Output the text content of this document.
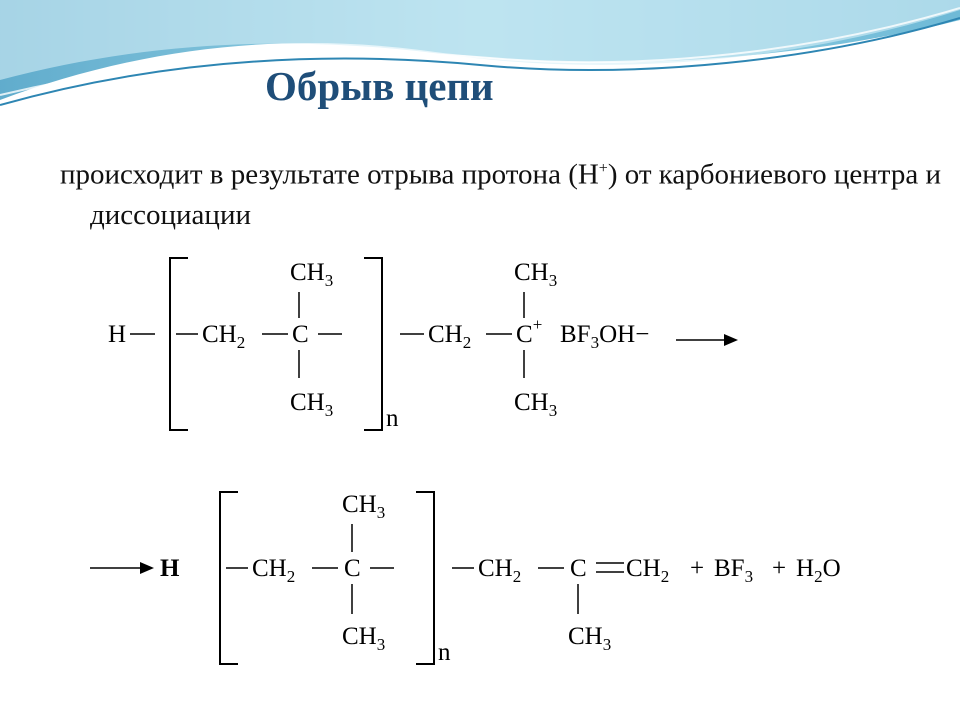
Обрыв цепи

происходит в результате отрыва протона (Н+) от карбониевого центра и диссоциации

H	$CH_2$ C
$CH_3$
$CH_3$ n
$CH_2$ C+
$CH_3$
$CH_3$
$BF_3OH-$
H	$CH_2$ C
$CH_3$
$CH_3$ n
$CH_2$ C
$CH_3$
$CH_2 + BF_3 + H_2O$
